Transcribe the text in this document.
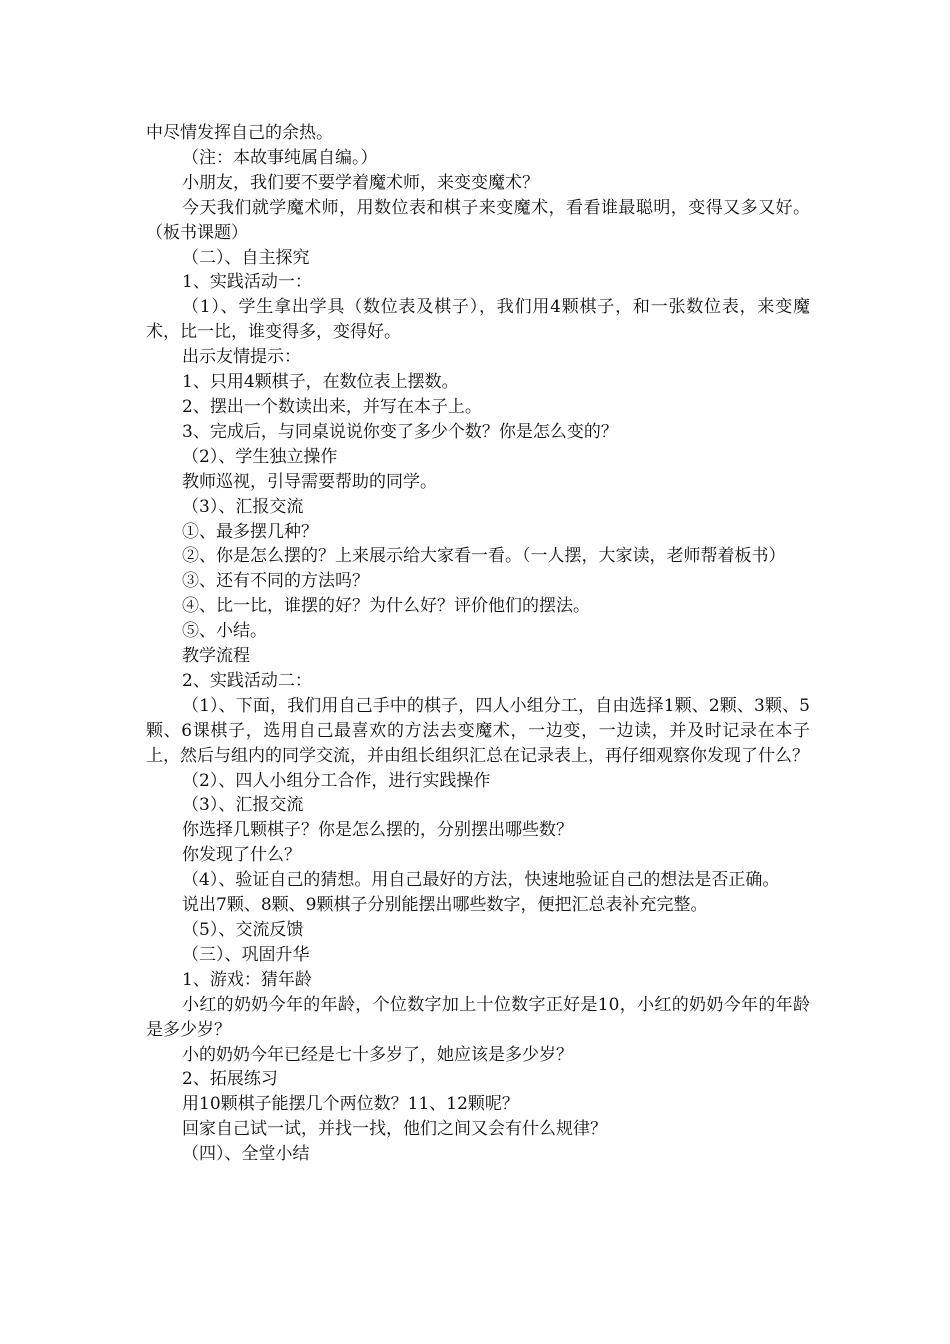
中尽情发挥自己的余热。

（注：本故事纯属自编。）

小朋友，我们要不要学着魔术师，来变变魔术？

今天我们就学魔术师，用数位表和棋子来变魔术，看看谁最聪明，变得又多又好。（板书课题）

（二）、自主探究

1、实践活动一：

（1）、学生拿出学具（数位表及棋子），我们用4颗棋子，和一张数位表，来变魔术，比一比，谁变得多，变得好。

出示友情提示：

1、只用4颗棋子，在数位表上摆数。

2、摆出一个数读出来，并写在本子上。

3、完成后，与同桌说说你变了多少个数？你是怎么变的？

（2）、学生独立操作

教师巡视，引导需要帮助的同学。

（3）、汇报交流

①、最多摆几种？

②、你是怎么摆的？上来展示给大家看一看。（一人摆，大家读，老师帮着板书）

③、还有不同的方法吗？

④、比一比，谁摆的好？为什么好？评价他们的摆法。

⑤、小结。

教学流程

2、实践活动二：

（1）、下面，我们用自己手中的棋子，四人小组分工，自由选择1颗、2颗、3颗、5颗、6课棋子，选用自己最喜欢的方法去变魔术，一边变，一边读，并及时记录在本子上，然后与组内的同学交流，并由组长组织汇总在记录表上，再仔细观察你发现了什么？

（2）、四人小组分工合作，进行实践操作

（3）、汇报交流

你选择几颗棋子？你是怎么摆的，分别摆出哪些数？

你发现了什么？

（4）、验证自己的猜想。用自己最好的方法，快速地验证自己的想法是否正确。

说出7颗、8颗、9颗棋子分别能摆出哪些数字，便把汇总表补充完整。

（5）、交流反馈

（三）、巩固升华

1、游戏：猜年龄

小红的奶奶今年的年龄，个位数字加上十位数字正好是10，小红的奶奶今年的年龄是多少岁？

小的奶奶今年已经是七十多岁了，她应该是多少岁？

2、拓展练习

用10颗棋子能摆几个两位数？11、12颗呢？

回家自己试一试，并找一找，他们之间又会有什么规律？

（四）、全堂小结
